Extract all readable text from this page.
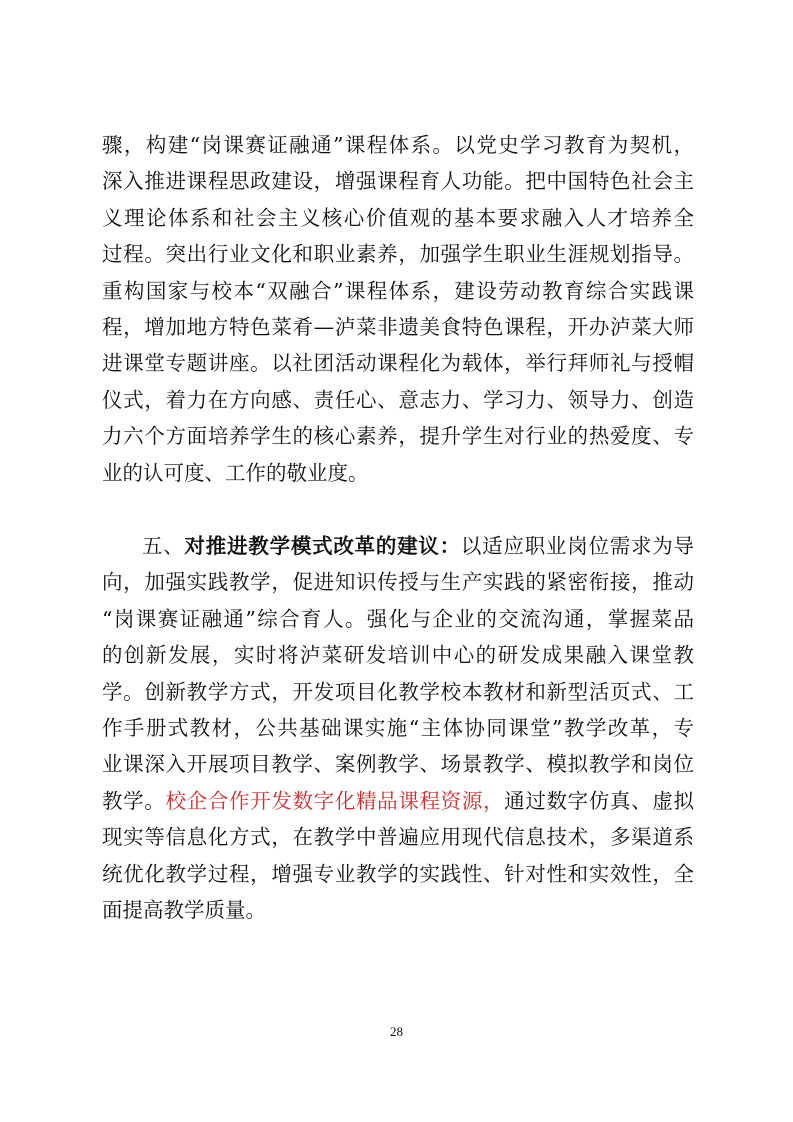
骤，构建“岗课赛证融通”课程体系。以党史学习教育为契机，
深入推进课程思政建设，增强课程育人功能。把中国特色社会主
义理论体系和社会主义核心价值观的基本要求融入人才培养全
过程。突出行业文化和职业素养，加强学生职业生涯规划指导。
重构国家与校本“双融合”课程体系，建设劳动教育综合实践课
程，增加地方特色菜肴—泸菜非遗美食特色课程，开办泸菜大师
进课堂专题讲座。以社团活动课程化为载体，举行拜师礼与授帽
仪式，着力在方向感、责任心、意志力、学习力、领导力、创造
力六个方面培养学生的核心素养，提升学生对行业的热爱度、专
业的认可度、工作的敬业度。
五、对推进教学模式改革的建议：以适应职业岗位需求为导
向，加强实践教学，促进知识传授与生产实践的紧密衔接，推动
“岗课赛证融通”综合育人。强化与企业的交流沟通，掌握菜品
的创新发展，实时将泸菜研发培训中心的研发成果融入课堂教
学。创新教学方式，开发项目化教学校本教材和新型活页式、工
作手册式教材，公共基础课实施“主体协同课堂”教学改革，专
业课深入开展项目教学、案例教学、场景教学、模拟教学和岗位
教学。校企合作开发数字化精品课程资源，通过数字仿真、虚拟
现实等信息化方式，在教学中普遍应用现代信息技术，多渠道系
统优化教学过程，增强专业教学的实践性、针对性和实效性，全
面提高教学质量。
28
